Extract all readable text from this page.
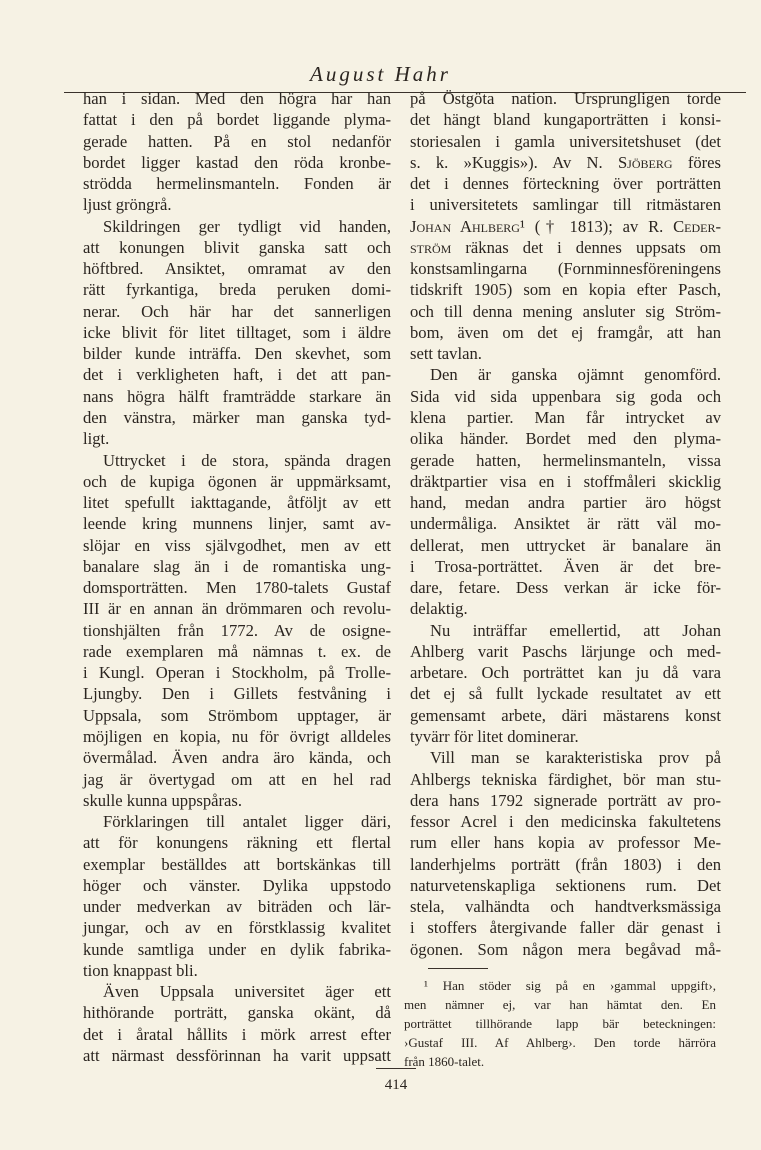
August Hahr
han i sidan. Med den högra har han
fattat i den på bordet liggande plyma-
gerade hatten. På en stol nedanför
bordet ligger kastad den röda kronbe-
strödda hermelinsmanteln. Fonden är
ljust gröngrå.
Skildringen ger tydligt vid handen,
att konungen blivit ganska satt och
höftbred. Ansiktet, omramat av den
rätt fyrkantiga, breda peruken domi-
nerar. Och här har det sannerligen
icke blivit för litet tilltaget, som i äldre
bilder kunde inträffa. Den skevhet, som
det i verkligheten haft, i det att pan-
nans högra hälft framträdde starkare än
den vänstra, märker man ganska tyd-
ligt.
Uttrycket i de stora, spända dragen
och de kupiga ögonen är uppmärksamt,
litet spefullt iakttagande, åtföljt av ett
leende kring munnens linjer, samt av-
slöjar en viss självgodhet, men av ett
banalare slag än i de romantiska ung-
domsporträtten. Men 1780-talets Gustaf
III är en annan än drömmaren och revolu-
tionshjälten från 1772. Av de osigne-
rade exemplaren må nämnas t. ex. de
i Kungl. Operan i Stockholm, på Trolle-
Ljungby. Den i Gillets festvåning i
Uppsala, som Strömbom upptager, är
möjligen en kopia, nu för övrigt alldeles
övermålad. Även andra äro kända, och
jag är övertygad om att en hel rad
skulle kunna uppspåras.
Förklaringen till antalet ligger däri,
att för konungens räkning ett flertal
exemplar beställdes att bortskänkas till
höger och vänster. Dylika uppstodo
under medverkan av biträden och lär-
jungar, och av en förstklassig kvalitet
kunde samtliga under en dylik fabrika-
tion knappast bli.
Även Uppsala universitet äger ett
hithörande porträtt, ganska okänt, då
det i åratal hållits i mörk arrest efter
att närmast dessförinnan ha varit uppsatt
på Östgöta nation. Ursprungligen torde
det hängt bland kungaporträtten i konsi-
storiesalen i gamla universitetshuset (det
s. k. »Kuggis»). Av N. Sjöberg föres
det i dennes förteckning över porträtten
i universitetets samlingar till ritmästaren
Johan Ahlberg¹ († 1813); av R. Ceder-
ström räknas det i dennes uppsats om
konstsamlingarna (Fornminnesföreningens
tidskrift 1905) som en kopia efter Pasch,
och till denna mening ansluter sig Ström-
bom, även om det ej framgår, att han
sett tavlan.
Den är ganska ojämnt genomförd.
Sida vid sida uppenbara sig goda och
klena partier. Man får intrycket av
olika händer. Bordet med den plyma-
gerade hatten, hermelinsmanteln, vissa
dräktpartier visa en i stoffmåleri skicklig
hand, medan andra partier äro högst
undermåliga. Ansiktet är rätt väl mo-
dellerat, men uttrycket är banalare än
i Trosa-porträttet. Även är det bre-
dare, fetare. Dess verkan är icke för-
delaktig.
Nu inträffar emellertid, att Johan
Ahlberg varit Paschs lärjunge och med-
arbetare. Och porträttet kan ju då vara
det ej så fullt lyckade resultatet av ett
gemensamt arbete, däri mästarens konst
tyvärr för litet dominerar.
Vill man se karakteristiska prov på
Ahlbergs tekniska färdighet, bör man stu-
dera hans 1792 signerade porträtt av pro-
fessor Acrel i den medicinska fakultetens
rum eller hans kopia av professor Me-
landerhjelms porträtt (från 1803) i den
naturvetenskapliga sektionens rum. Det
stela, valhändta och handtverksmässiga
i stoffers återgivande faller där genast i
ögonen. Som någon mera begåvad må-
¹ Han stöder sig på en ›gammal uppgift›,
men nämner ej, var han hämtat den. En
porträttet tillhörande lapp bär beteckningen:
›Gustaf III. Af Ahlberg›. Den torde härröra
från 1860-talet.
414
